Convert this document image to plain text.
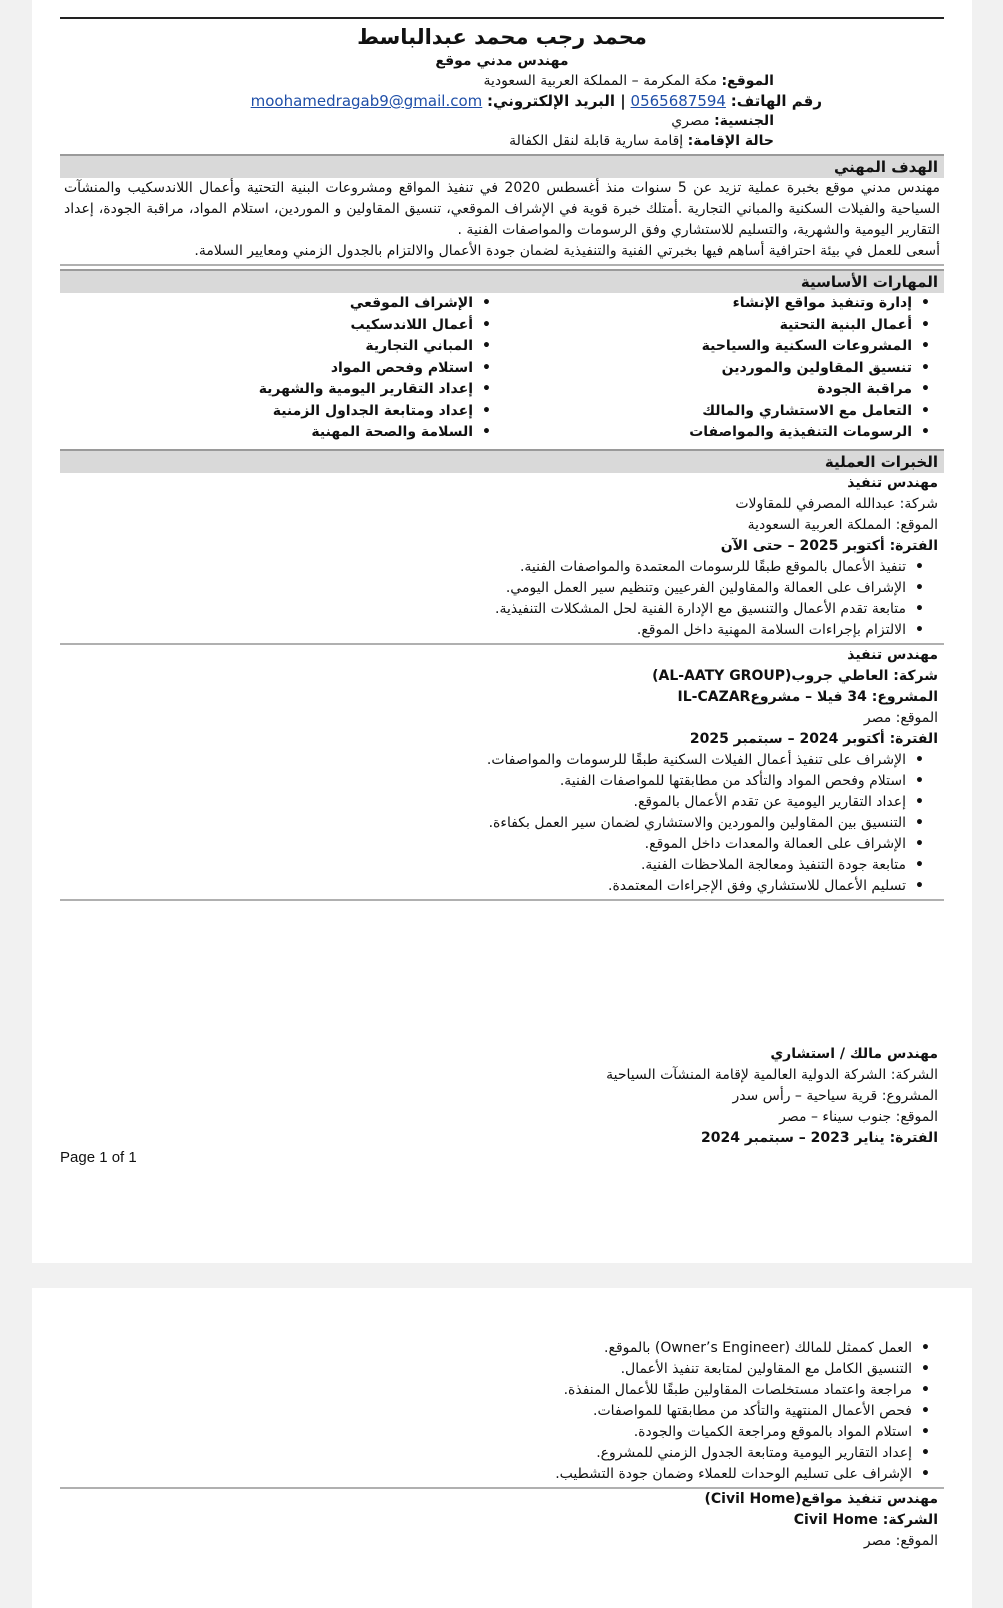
محمد رجب محمد عبدالباسط
مهندس مدني موقع
الموقع: مكة المكرمة – المملكة العربية السعودية
رقم الهاتف: 0565687594 | البريد الإلكتروني: moohamedragab9@gmail.com
الجنسية: مصري
حالة الإقامة: إقامة سارية قابلة لنقل الكفالة
الهدف المهني
مهندس مدني موقع بخبرة عملية تزيد عن 5 سنوات منذ أغسطس 2020 في تنفيذ المواقع ومشروعات البنية التحتية وأعمال اللاندسكيب والمنشآت السياحية والفيلات السكنية والمباني التجارية .أمتلك خبرة قوية في الإشراف الموقعي، تنسيق المقاولين و الموردين، استلام المواد، مراقبة الجودة، إعداد التقارير اليومية والشهرية، والتسليم للاستشاري وفق الرسومات والمواصفات الفنية .
أسعى للعمل في بيئة احترافية أساهم فيها بخبرتي الفنية والتنفيذية لضمان جودة الأعمال والالتزام بالجدول الزمني ومعايير السلامة.
المهارات الأساسية
• إدارة وتنفيذ مواقع الإنشاء
• أعمال البنية التحتية
• المشروعات السكنية والسياحية
• تنسيق المقاولين والموردين
• مراقبة الجودة
• التعامل مع الاستشاري والمالك
• الرسومات التنفيذية والمواصفات
• الإشراف الموقعي
• أعمال اللاندسكيب
• المباني التجارية
• استلام وفحص المواد
• إعداد التقارير اليومية والشهرية
• إعداد ومتابعة الجداول الزمنية
• السلامة والصحة المهنية
الخبرات العملية
مهندس تنفيذ
شركة: عبدالله المصرفي للمقاولات
الموقع: المملكة العربية السعودية
الفترة: أكتوبر 2025 – حتى الآن
• تنفيذ الأعمال بالموقع طبقًا للرسومات المعتمدة والمواصفات الفنية.
• الإشراف على العمالة والمقاولين الفرعيين وتنظيم سير العمل اليومي.
• متابعة تقدم الأعمال والتنسيق مع الإدارة الفنية لحل المشكلات التنفيذية.
• الالتزام بإجراءات السلامة المهنية داخل الموقع.
مهندس تنفيذ
شركة: العاطي جروب(AL-AATY GROUP)
المشروع: 34 فيلا – مشروعIL-CAZAR
الموقع: مصر
الفترة: أكتوبر 2024 – سبتمبر 2025
• الإشراف على تنفيذ أعمال الفيلات السكنية طبقًا للرسومات والمواصفات.
• استلام وفحص المواد والتأكد من مطابقتها للمواصفات الفنية.
• إعداد التقارير اليومية عن تقدم الأعمال بالموقع.
• التنسيق بين المقاولين والموردين والاستشاري لضمان سير العمل بكفاءة.
• الإشراف على العمالة والمعدات داخل الموقع.
• متابعة جودة التنفيذ ومعالجة الملاحظات الفنية.
• تسليم الأعمال للاستشاري وفق الإجراءات المعتمدة.
مهندس مالك / استشاري
الشركة: الشركة الدولية العالمية لإقامة المنشآت السياحية
المشروع: قرية سياحية – رأس سدر
الموقع: جنوب سيناء – مصر
الفترة: يناير 2023 – سبتمبر 2024
Page 1 of 1
• العمل كممثل للمالك (Owner’s Engineer) بالموقع.
• التنسيق الكامل مع المقاولين لمتابعة تنفيذ الأعمال.
• مراجعة واعتماد مستخلصات المقاولين طبقًا للأعمال المنفذة.
• فحص الأعمال المنتهية والتأكد من مطابقتها للمواصفات.
• استلام المواد بالموقع ومراجعة الكميات والجودة.
• إعداد التقارير اليومية ومتابعة الجدول الزمني للمشروع.
• الإشراف على تسليم الوحدات للعملاء وضمان جودة التشطيب.
مهندس تنفيذ مواقع(Civil Home)
الشركة: Civil Home
الموقع: مصر
